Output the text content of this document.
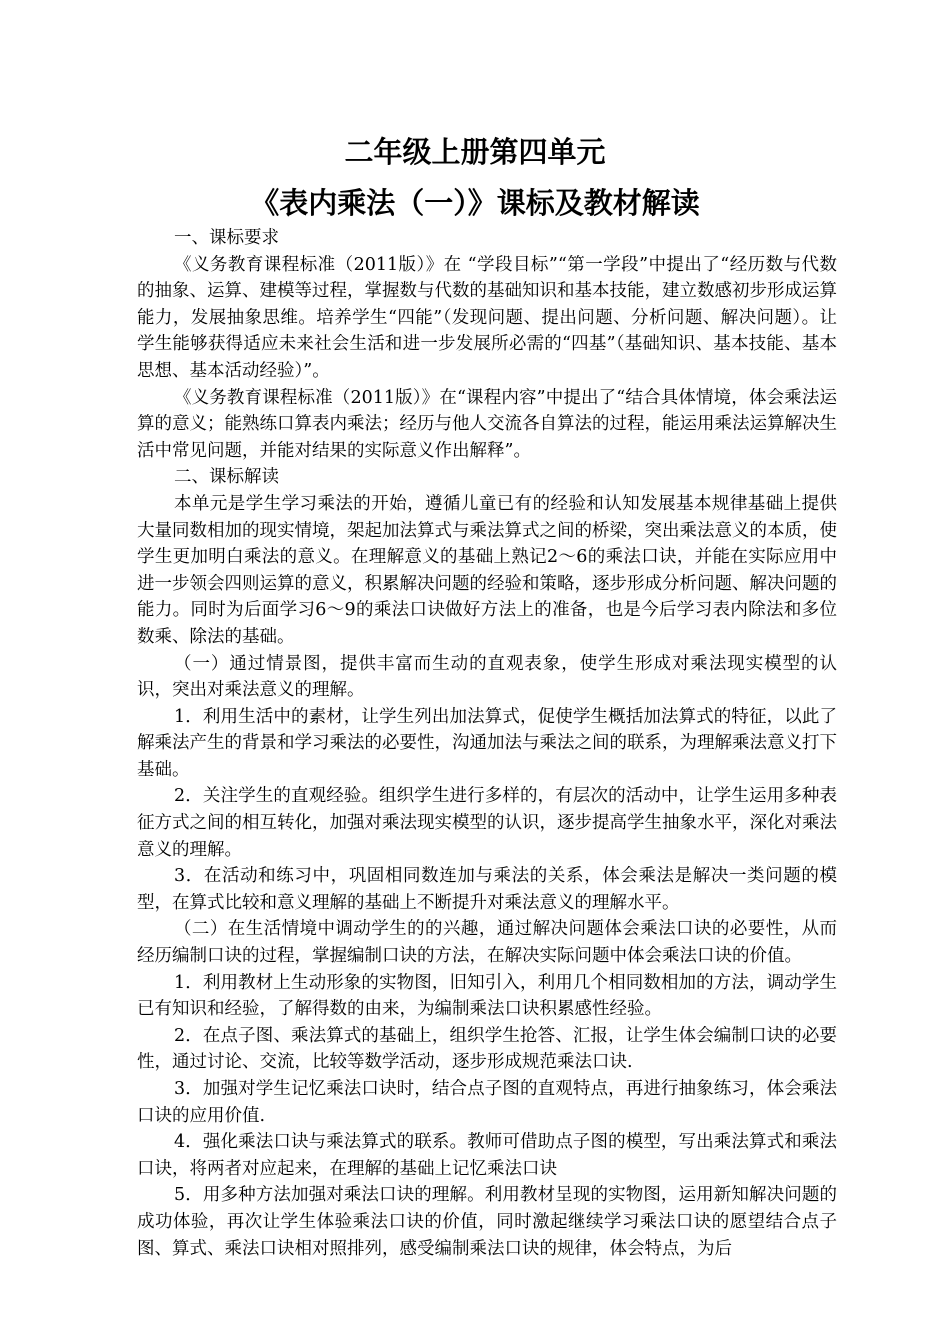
二年级上册第四单元
《表内乘法（一）》课标及教材解读

一、课标要求

《义务教育课程标准（2011版）》在 “学段目标”“第一学段”中提出了“经历数与代数的抽象、运算、建模等过程，掌握数与代数的基础知识和基本技能，建立数感初步形成运算能力，发展抽象思维。培养学生“四能”（发现问题、提出问题、分析问题、解决问题）。让学生能够获得适应未来社会生活和进一步发展所必需的“四基”（基础知识、基本技能、基本思想、基本活动经验）”。

《义务教育课程标准（2011版）》在“课程内容”中提出了“结合具体情境，体会乘法运算的意义；能熟练口算表内乘法；经历与他人交流各自算法的过程，能运用乘法运算解决生活中常见问题，并能对结果的实际意义作出解释”。

二、课标解读

本单元是学生学习乘法的开始，遵循儿童已有的经验和认知发展基本规律基础上提供大量同数相加的现实情境，架起加法算式与乘法算式之间的桥梁，突出乘法意义的本质，使学生更加明白乘法的意义。在理解意义的基础上熟记2～6的乘法口诀，并能在实际应用中进一步领会四则运算的意义，积累解决问题的经验和策略，逐步形成分析问题、解决问题的能力。同时为后面学习6～9的乘法口诀做好方法上的准备，也是今后学习表内除法和多位数乘、除法的基础。

（一）通过情景图，提供丰富而生动的直观表象，使学生形成对乘法现实模型的认识，突出对乘法意义的理解。

1．利用生活中的素材，让学生列出加法算式，促使学生概括加法算式的特征，以此了解乘法产生的背景和学习乘法的必要性，沟通加法与乘法之间的联系，为理解乘法意义打下基础。

2．关注学生的直观经验。组织学生进行多样的，有层次的活动中，让学生运用多种表征方式之间的相互转化，加强对乘法现实模型的认识，逐步提高学生抽象水平，深化对乘法意义的理解。

3．在活动和练习中，巩固相同数连加与乘法的关系，体会乘法是解决一类问题的模型，在算式比较和意义理解的基础上不断提升对乘法意义的理解水平。

（二）在生活情境中调动学生的的兴趣，通过解决问题体会乘法口诀的必要性，从而经历编制口诀的过程，掌握编制口诀的方法，在解决实际问题中体会乘法口诀的价值。

1．利用教材上生动形象的实物图，旧知引入，利用几个相同数相加的方法，调动学生已有知识和经验，了解得数的由来，为编制乘法口诀积累感性经验。

2．在点子图、乘法算式的基础上，组织学生抢答、汇报，让学生体会编制口诀的必要性，通过讨论、交流，比较等数学活动，逐步形成规范乘法口诀.

3．加强对学生记忆乘法口诀时，结合点子图的直观特点，再进行抽象练习，体会乘法口诀的应用价值.

4．强化乘法口诀与乘法算式的联系。教师可借助点子图的模型，写出乘法算式和乘法口诀，将两者对应起来，在理解的基础上记忆乘法口诀

5．用多种方法加强对乘法口诀的理解。利用教材呈现的实物图，运用新知解决问题的成功体验，再次让学生体验乘法口诀的价值，同时激起继续学习乘法口诀的愿望结合点子图、算式、乘法口诀相对照排列，感受编制乘法口诀的规律，体会特点，为后
